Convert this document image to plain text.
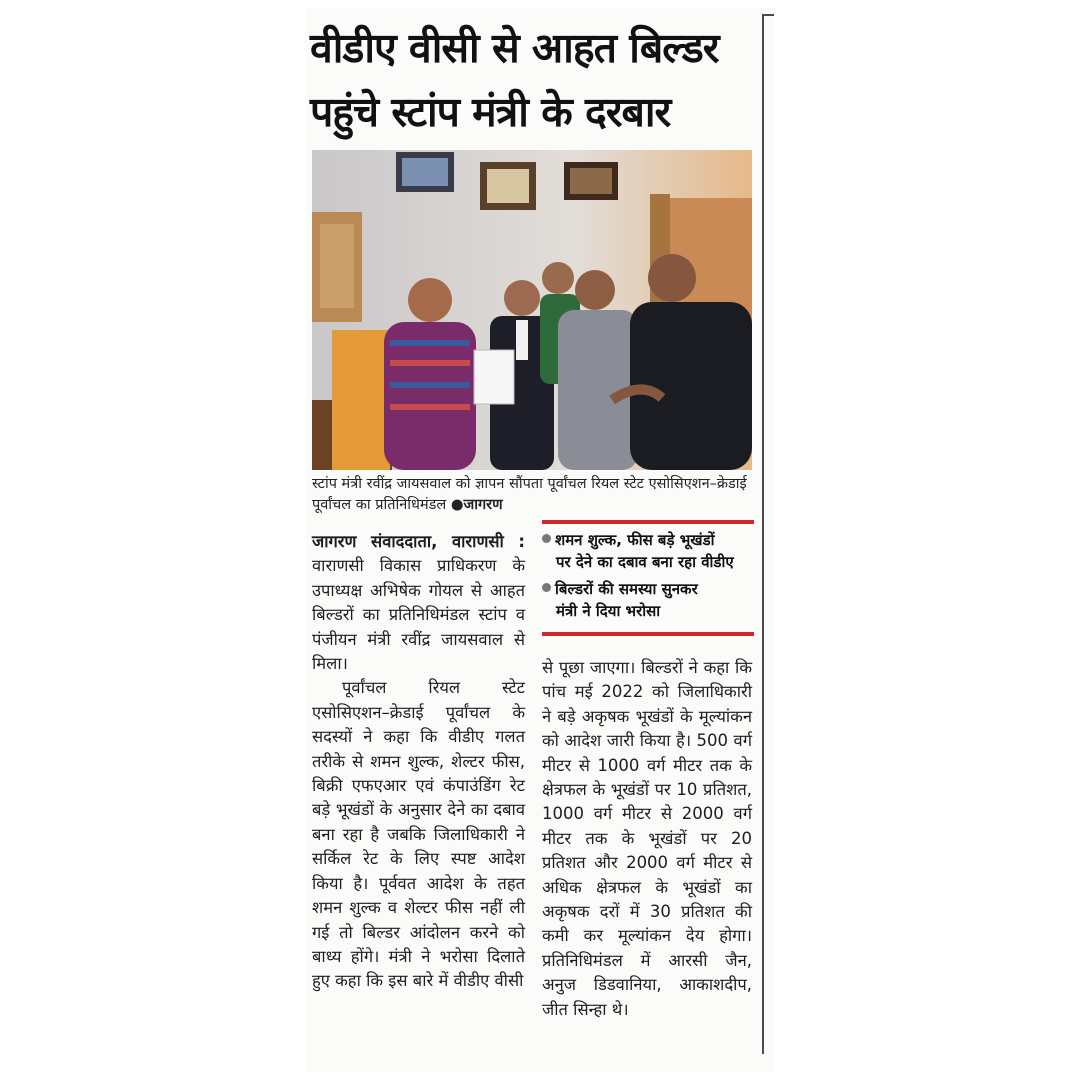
वीडीए वीसी से आहत बिल्डर
पहुंचे स्टांप मंत्री के दरबार
स्टांप मंत्री रवींद्र जायसवाल को ज्ञापन सौंपता पूर्वांचल रियल स्टेट एसोसिएशन–क्रेडाई पूर्वांचल का प्रतिनिधिमंडल ●जागरण

जागरण संवाददाता, वाराणसी : वाराणसी विकास प्राधिकरण के उपाध्यक्ष अभिषेक गोयल से आहत बिल्डरों का प्रतिनिधिमंडल स्टांप व पंजीयन मंत्री रवींद्र जायसवाल से मिला।

पूर्वांचल रियल स्टेट एसोसिएशन–क्रेडाई पूर्वांचल के सदस्यों ने कहा कि वीडीए गलत तरीके से शमन शुल्क, शेल्टर फीस, बिक्री एफएआर एवं कंपाउंडिंग रेट बड़े भूखंडों के अनुसार देने का दबाव बना रहा है जबकि जिलाधिकारी ने सर्किल रेट के लिए स्पष्ट आदेश किया है। पूर्ववत आदेश के तहत शमन शुल्क व शेल्टर फीस नहीं ली गई तो बिल्डर आंदोलन करने को बाध्य होंगे। मंत्री ने भरोसा दिलाते हुए कहा कि इस बारे में वीडीए वीसी

शमन शुल्क, फीस बड़े भूखंडों
पर देने का दबाव बना रहा वीडीए
बिल्डरों की समस्या सुनकर
मंत्री ने दिया भरोसा

से पूछा जाएगा। बिल्डरों ने कहा कि पांच मई 2022 को जिलाधिकारी ने बड़े अकृषक भूखंडों के मूल्यांकन को आदेश जारी किया है। 500 वर्ग मीटर से 1000 वर्ग मीटर तक के क्षेत्रफल के भूखंडों पर 10 प्रतिशत, 1000 वर्ग मीटर से 2000 वर्ग मीटर तक के भूखंडों पर 20 प्रतिशत और 2000 वर्ग मीटर से अधिक क्षेत्रफल के भूखंडों का अकृषक दरों में 30 प्रतिशत की कमी कर मूल्यांकन देय होगा। प्रतिनिधिमंडल में आरसी जैन, अनुज डिडवानिया, आकाशदीप, जीत सिन्हा थे।
